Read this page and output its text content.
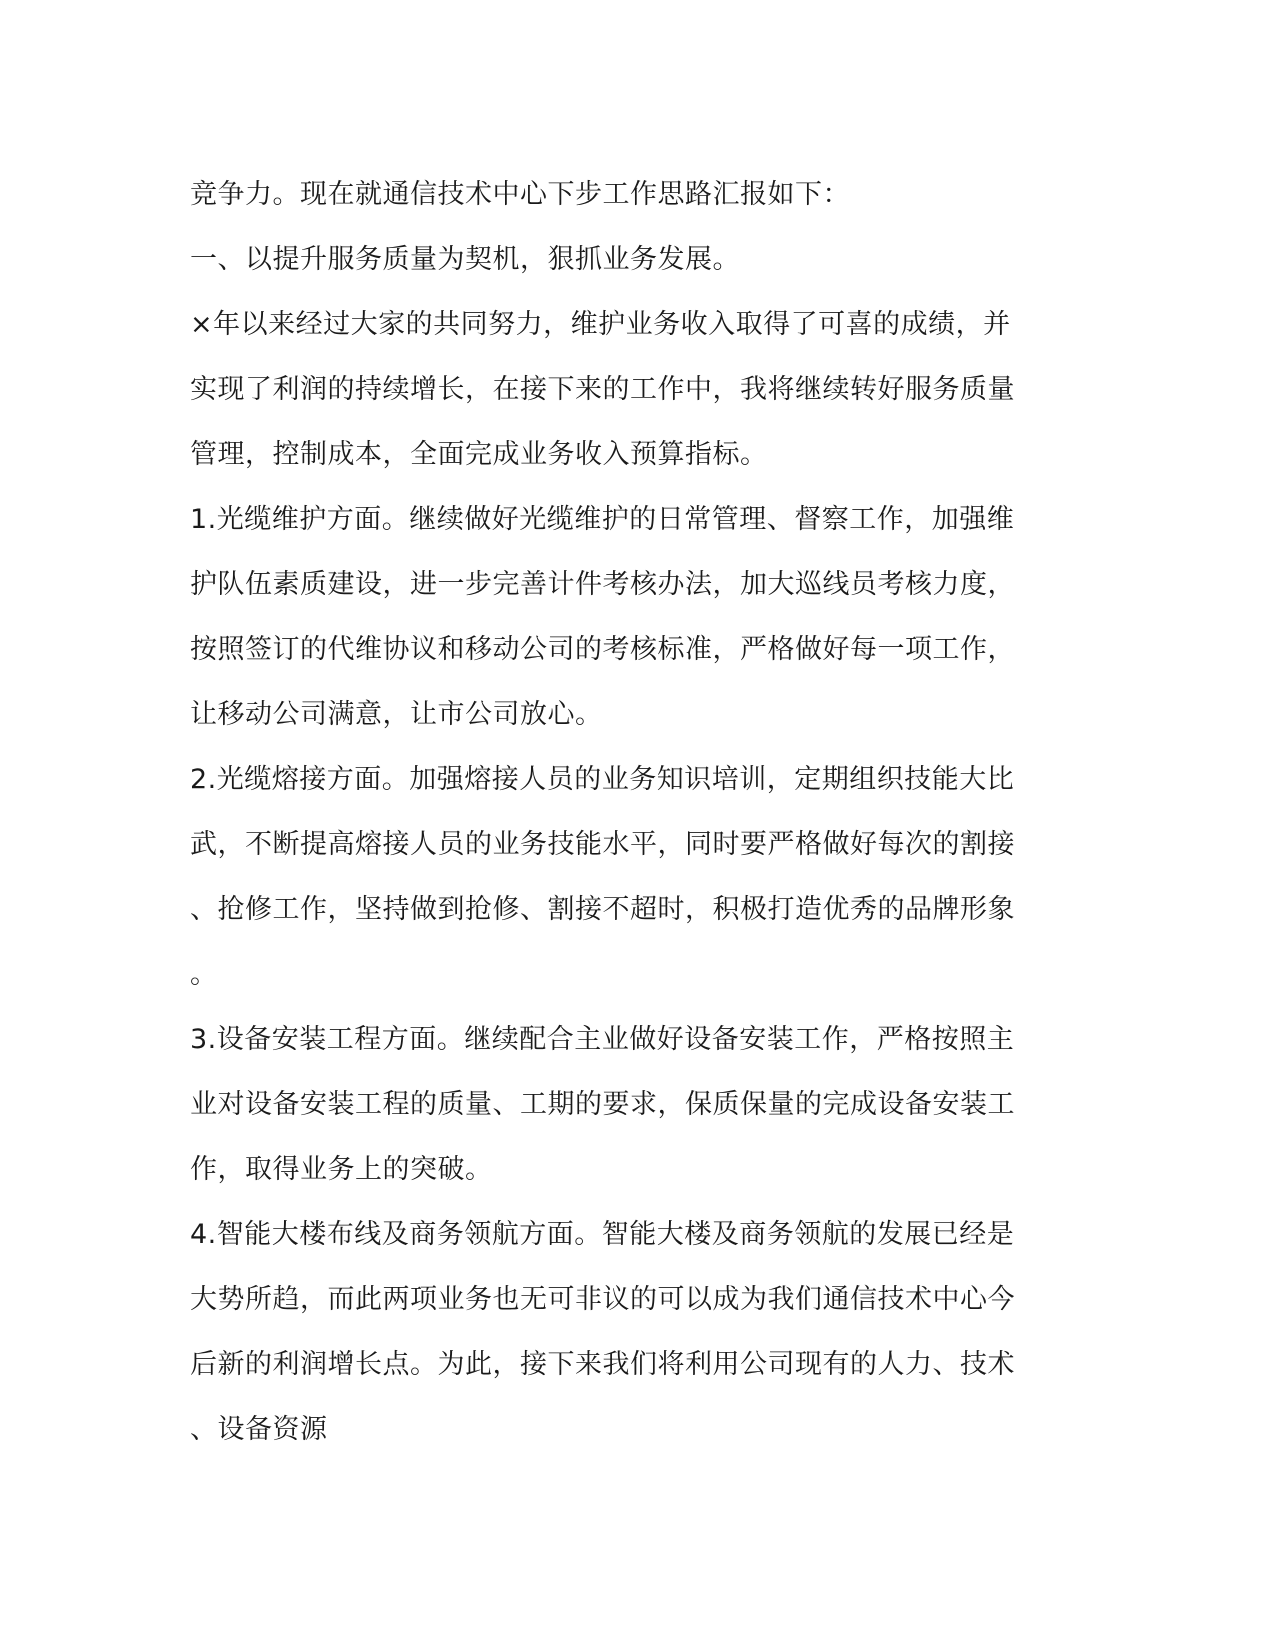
竞争力。现在就通信技术中心下步工作思路汇报如下：
一、以提升服务质量为契机，狠抓业务发展。
×年以来经过大家的共同努力，维护业务收入取得了可喜的成绩，并
实现了利润的持续增长，在接下来的工作中，我将继续转好服务质量
管理，控制成本，全面完成业务收入预算指标。
1.光缆维护方面。继续做好光缆维护的日常管理、督察工作，加强维
护队伍素质建设，进一步完善计件考核办法，加大巡线员考核力度，
按照签订的代维协议和移动公司的考核标准，严格做好每一项工作，
让移动公司满意，让市公司放心。
2.光缆熔接方面。加强熔接人员的业务知识培训，定期组织技能大比
武，不断提高熔接人员的业务技能水平，同时要严格做好每次的割接
、抢修工作，坚持做到抢修、割接不超时，积极打造优秀的品牌形象
。
3.设备安装工程方面。继续配合主业做好设备安装工作，严格按照主
业对设备安装工程的质量、工期的要求，保质保量的完成设备安装工
作，取得业务上的突破。
4.智能大楼布线及商务领航方面。智能大楼及商务领航的发展已经是
大势所趋，而此两项业务也无可非议的可以成为我们通信技术中心今
后新的利润增长点。为此，接下来我们将利用公司现有的人力、技术
、设备资源
